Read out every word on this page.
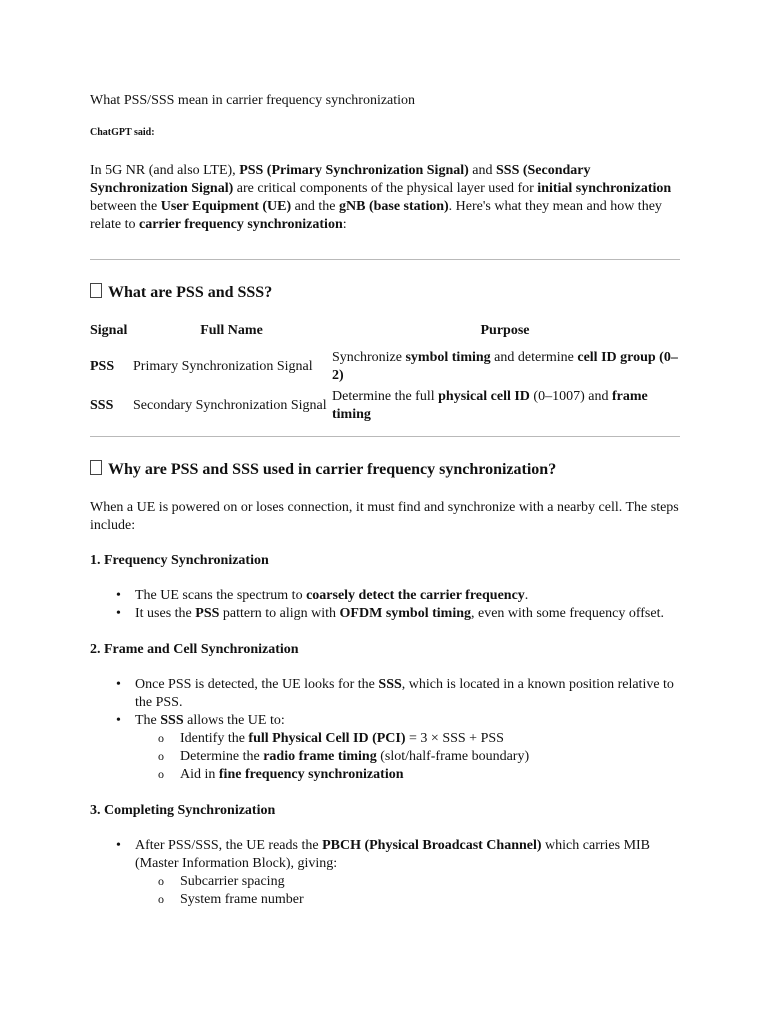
What PSS/SSS mean in carrier frequency synchronization

ChatGPT said:

In 5G NR (and also LTE), PSS (Primary Synchronization Signal) and SSS (Secondary Synchronization Signal) are critical components of the physical layer used for initial synchronization between the User Equipment (UE) and the gNB (base station). Here's what they mean and how they relate to carrier frequency synchronization:

What are PSS and SSS?
Signal	Full Name	Purpose
PSS	Primary Synchronization Signal	Synchronize symbol timing and determine cell ID group (0–2)
SSS	Secondary Synchronization Signal	Determine the full physical cell ID (0–1007) and frame timing
Why are PSS and SSS used in carrier frequency synchronization?

When a UE is powered on or loses connection, it must find and synchronize with a nearby cell. The steps include:

1. Frequency Synchronization
• The UE scans the spectrum to coarsely detect the carrier frequency.
• It uses the PSS pattern to align with OFDM symbol timing, even with some frequency offset.
2. Frame and Cell Synchronization
• Once PSS is detected, the UE looks for the SSS, which is located in a known position relative to the PSS.
• The SSS allows the UE to:
o Identify the full Physical Cell ID (PCI) = 3 × SSS + PSS
o Determine the radio frame timing (slot/half-frame boundary)
o Aid in fine frequency synchronization
3. Completing Synchronization
• After PSS/SSS, the UE reads the PBCH (Physical Broadcast Channel) which carries MIB (Master Information Block), giving:
o Subcarrier spacing
o System frame number
